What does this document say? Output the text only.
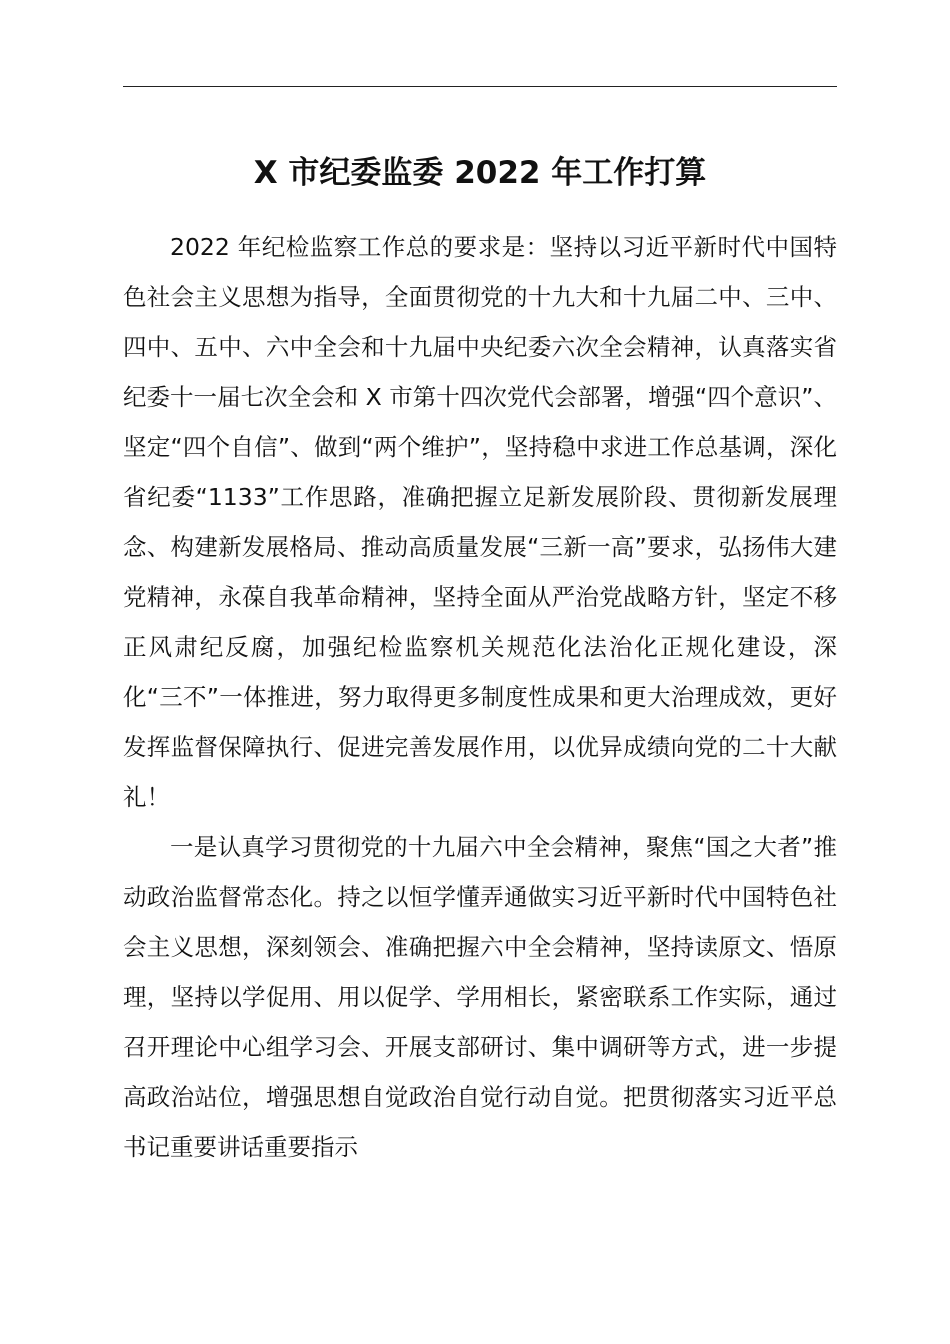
X 市纪委监委 2022 年工作打算

2022 年纪检监察工作总的要求是：坚持以习近平新时代中国特色社会主义思想为指导，全面贯彻党的十九大和十九届二中、三中、四中、五中、六中全会和十九届中央纪委六次全会精神，认真落实省纪委十一届七次全会和 X 市第十四次党代会部署，增强“四个意识”、坚定“四个自信”、做到“两个维护”，坚持稳中求进工作总基调，深化省纪委“1133”工作思路，准确把握立足新发展阶段、贯彻新发展理念、构建新发展格局、推动高质量发展“三新一高”要求，弘扬伟大建党精神，永葆自我革命精神，坚持全面从严治党战略方针，坚定不移正风肃纪反腐，加强纪检监察机关规范化法治化正规化建设，深化“三不”一体推进，努力取得更多制度性成果和更大治理成效，更好发挥监督保障执行、促进完善发展作用，以优异成绩向党的二十大献礼！

一是认真学习贯彻党的十九届六中全会精神，聚焦“国之大者”推动政治监督常态化。持之以恒学懂弄通做实习近平新时代中国特色社会主义思想，深刻领会、准确把握六中全会精神，坚持读原文、悟原理，坚持以学促用、用以促学、学用相长，紧密联系工作实际，通过召开理论中心组学习会、开展支部研讨、集中调研等方式，进一步提高政治站位，增强思想自觉政治自觉行动自觉。把贯彻落实习近平总书记重要讲话重要指示
